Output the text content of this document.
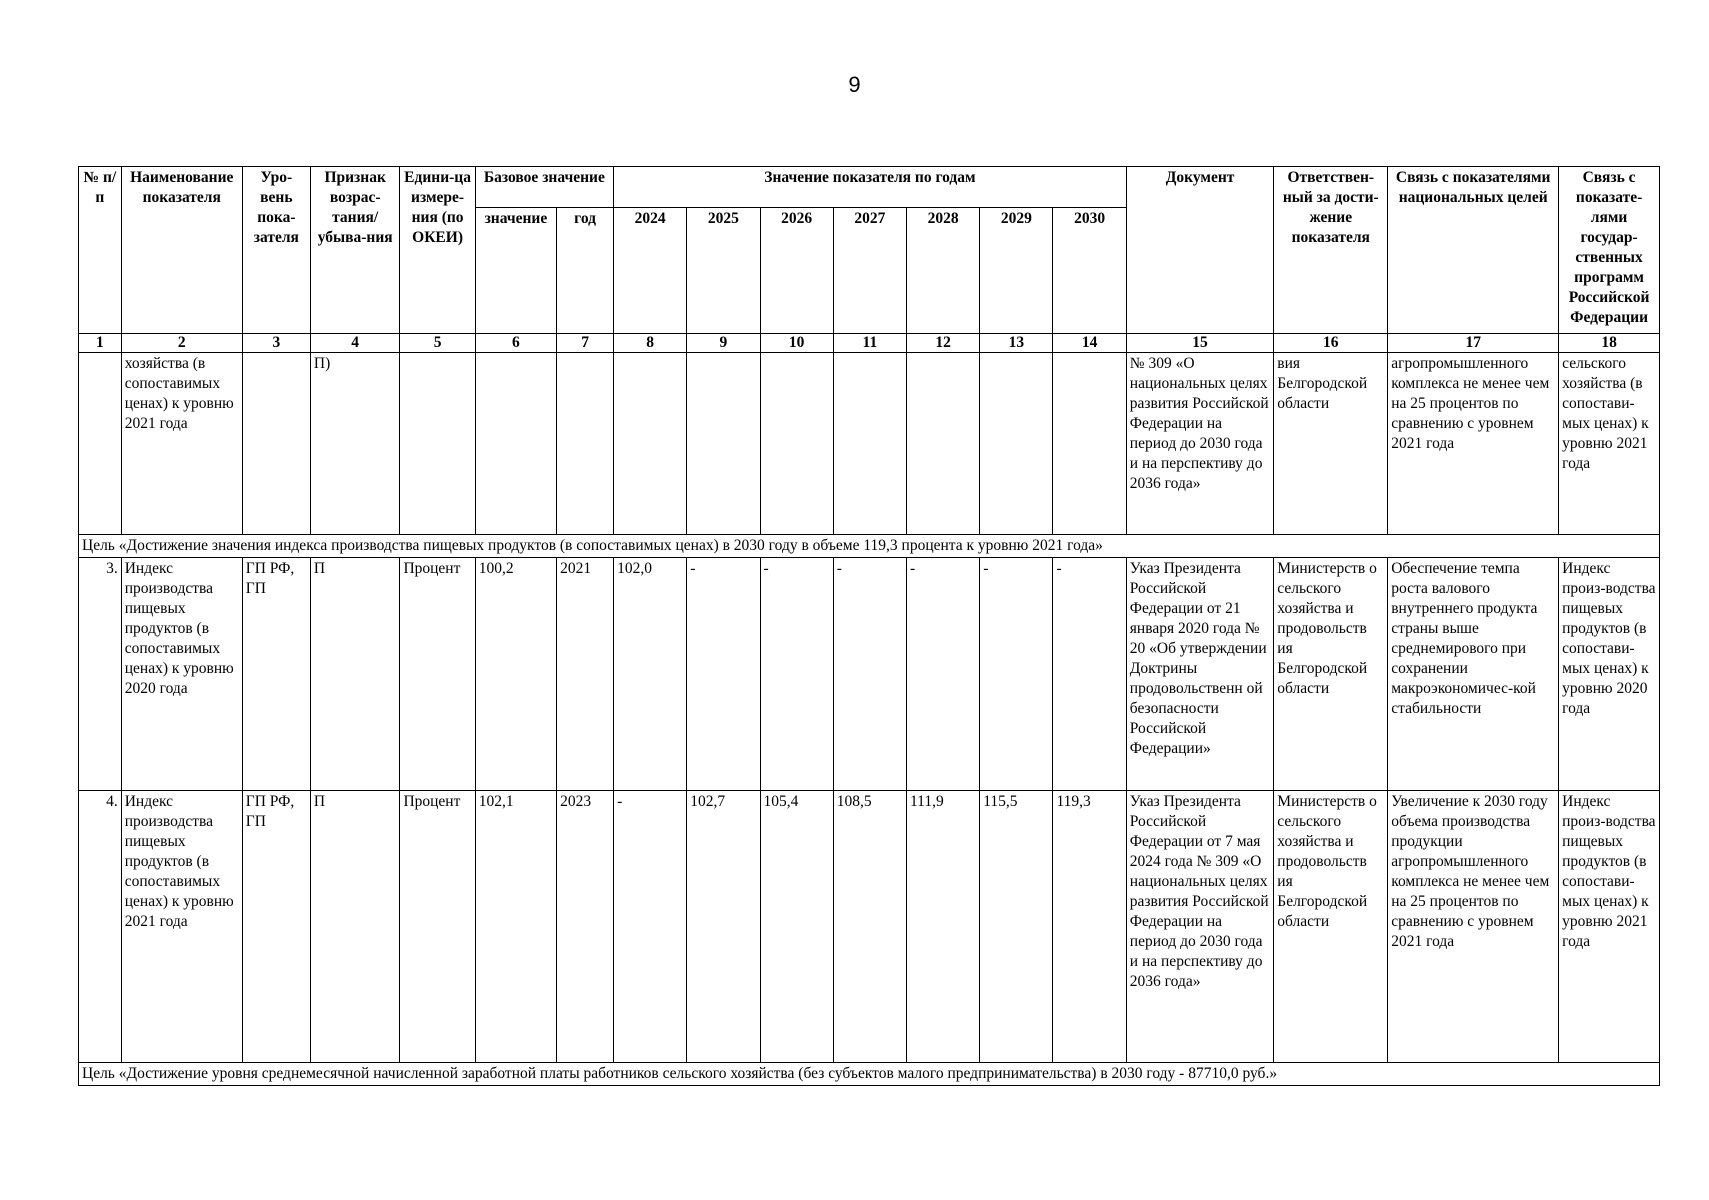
9
№ п/п	Наименование показателя	Уро-вень пока-зателя	Признак возрас-тания/ убыва-ния	Едини-ца измере-ния (по ОКЕИ)	Базовое значение		Значение показателя по годам							Документ	Ответствен-ный за дости-жение показателя	Связь с показателями национальных целей	Связь с показате-лями государ-ственных программ Российской Федерации
					значение	год	2024	2025	2026	2027	2028	2029	2030				
1	2	3	4	5	6	7	8	9	10	11	12	13	14	15	16	17	18
	хозяйства (в сопоставимых ценах) к уровню 2021 года		П)											№ 309 «О национальных целях развития Российской Федерации на период до 2030 года и на перспективу до 2036 года»	вия Белгородской области	агропромышленного комплекса не менее чем на 25 процентов по сравнению с уровнем 2021 года	сельского хозяйства (в сопостави-мых ценах) к уровню 2021 года
Цель «Достижение значения индекса производства пищевых продуктов (в сопоставимых ценах) в 2030 году в объеме 119,3 процента к уровню 2021 года»																	
3.	Индекс производства пищевых продуктов (в сопоставимых ценах) к уровню 2020 года	ГП РФ, ГП	П	Процент	100,2	2021	102,0	-	-	-	-	-	-	Указ Президента Российской Федерации от 21 января 2020 года № 20 «Об утверждении Доктрины продовольственн ой безопасности Российской Федерации»	Министерств о сельского хозяйства и продовольств ия Белгородской области	Обеспечение темпа роста валового внутреннего продукта страны выше среднемирового при сохранении макроэкономичес-кой стабильности	Индекс произ-водства пищевых продуктов (в сопостави-мых ценах) к уровню 2020 года
4.	Индекс производства пищевых продуктов (в сопоставимых ценах) к уровню 2021 года	ГП РФ, ГП	П	Процент	102,1	2023	-	102,7	105,4	108,5	111,9	115,5	119,3	Указ Президента Российской Федерации от 7 мая 2024 года № 309 «О национальных целях развития Российской Федерации на период до 2030 года и на перспективу до 2036 года»	Министерств о сельского хозяйства и продовольств ия Белгородской области	Увеличение к 2030 году объема производства продукции агропромышленного комплекса не менее чем на 25 процентов по сравнению с уровнем 2021 года	Индекс произ-водства пищевых продуктов (в сопостави-мых ценах) к уровню 2021 года
Цель «Достижение уровня среднемесячной начисленной заработной платы работников сельского хозяйства (без субъектов малого предпринимательства) в 2030 году - 87710,0 руб.»																	
